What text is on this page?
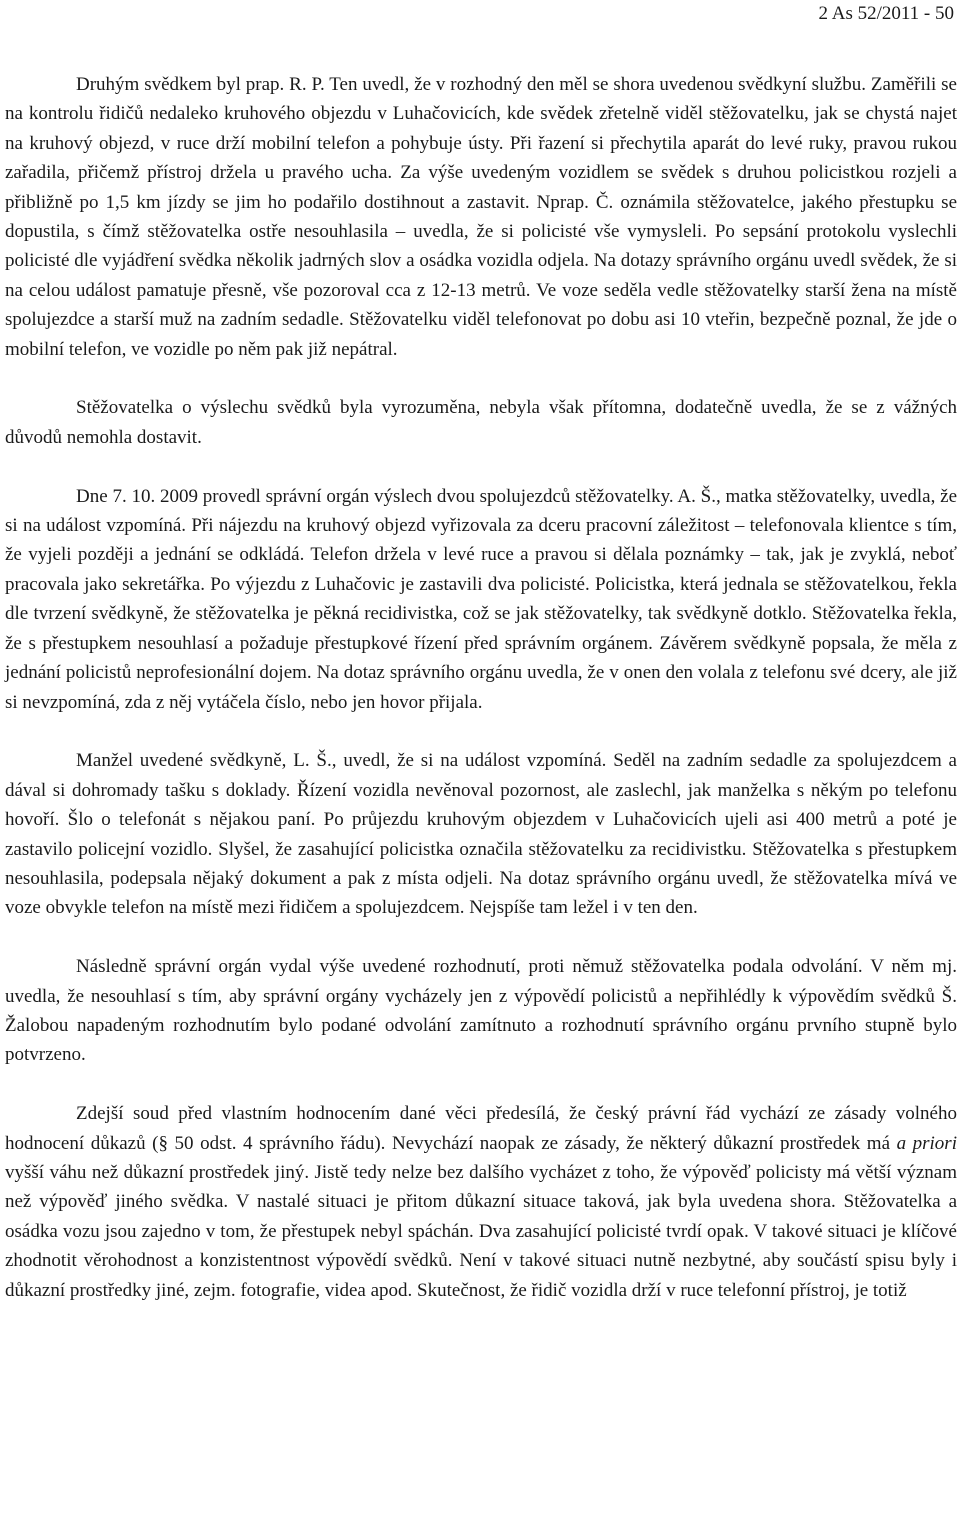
2 As 52/2011 - 50

Druhým svědkem byl prap. R. P. Ten uvedl, že v rozhodný den měl se shora uvedenou svědkyní službu. Zaměřili se na kontrolu řidičů nedaleko kruhového objezdu v Luhačovicích, kde svědek zřetelně viděl stěžovatelku, jak se chystá najet na kruhový objezd, v ruce drží mobilní telefon a pohybuje ústy. Při řazení si přechytila aparát do levé ruky, pravou rukou zařadila, přičemž přístroj držela u pravého ucha. Za výše uvedeným vozidlem se svědek s druhou policistkou rozjeli a přibližně po 1,5 km jízdy se jim ho podařilo dostihnout a zastavit. Nprap. Č. oznámila stěžovatelce, jakého přestupku se dopustila, s čímž stěžovatelka ostře nesouhlasila – uvedla, že si policisté vše vymysleli. Po sepsání protokolu vyslechli policisté dle vyjádření svědka několik jadrných slov a osádka vozidla odjela. Na dotazy správního orgánu uvedl svědek, že si na celou událost pamatuje přesně, vše pozoroval cca z 12-13 metrů. Ve voze seděla vedle stěžovatelky starší žena na místě spolujezdce a starší muž na zadním sedadle. Stěžovatelku viděl telefonovat po dobu asi 10 vteřin, bezpečně poznal, že jde o mobilní telefon, ve vozidle po něm pak již nepátral.

Stěžovatelka o výslechu svědků byla vyrozuměna, nebyla však přítomna, dodatečně uvedla, že se z vážných důvodů nemohla dostavit.

Dne 7. 10. 2009 provedl správní orgán výslech dvou spolujezdců stěžovatelky. A. Š., matka stěžovatelky, uvedla, že si na událost vzpomíná. Při nájezdu na kruhový objezd vyřizovala za dceru pracovní záležitost – telefonovala klientce s tím, že vyjeli později a jednání se odkládá. Telefon držela v levé ruce a pravou si dělala poznámky – tak, jak je zvyklá, neboť pracovala jako sekretářka. Po výjezdu z Luhačovic je zastavili dva policisté. Policistka, která jednala se stěžovatelkou, řekla dle tvrzení svědkyně, že stěžovatelka je pěkná recidivistka, což se jak stěžovatelky, tak svědkyně dotklo. Stěžovatelka řekla, že s přestupkem nesouhlasí a požaduje přestupkové řízení před správním orgánem. Závěrem svědkyně popsala, že měla z jednání policistů neprofesionální dojem. Na dotaz správního orgánu uvedla, že v onen den volala z telefonu své dcery, ale již si nevzpomíná, zda z něj vytáčela číslo, nebo jen hovor přijala.

Manžel uvedené svědkyně, L. Š., uvedl, že si na událost vzpomíná. Seděl na zadním sedadle za spolujezdcem a dával si dohromady tašku s doklady. Řízení vozidla nevěnoval pozornost, ale zaslechl, jak manželka s někým po telefonu hovoří. Šlo o telefonát s nějakou paní. Po průjezdu kruhovým objezdem v Luhačovicích ujeli asi 400 metrů a poté je zastavilo policejní vozidlo. Slyšel, že zasahující policistka označila stěžovatelku za recidivistku. Stěžovatelka s přestupkem nesouhlasila, podepsala nějaký dokument a pak z místa odjeli. Na dotaz správního orgánu uvedl, že stěžovatelka mívá ve voze obvykle telefon na místě mezi řidičem a spolujezdcem. Nejspíše tam ležel i v ten den.

Následně správní orgán vydal výše uvedené rozhodnutí, proti němuž stěžovatelka podala odvolání. V něm mj. uvedla, že nesouhlasí s tím, aby správní orgány vycházely jen z výpovědí policistů a nepřihlédly k výpovědím svědků Š. Žalobou napadeným rozhodnutím bylo podané odvolání zamítnuto a rozhodnutí správního orgánu prvního stupně bylo potvrzeno.

Zdejší soud před vlastním hodnocením dané věci předesílá, že český právní řád vychází ze zásady volného hodnocení důkazů (§ 50 odst. 4 správního řádu). Nevychází naopak ze zásady, že některý důkazní prostředek má a priori vyšší váhu než důkazní prostředek jiný. Jistě tedy nelze bez dalšího vycházet z toho, že výpověď policisty má větší význam než výpověď jiného svědka. V nastalé situaci je přitom důkazní situace taková, jak byla uvedena shora. Stěžovatelka a osádka vozu jsou zajedno v tom, že přestupek nebyl spáchán. Dva zasahující policisté tvrdí opak. V takové situaci je klíčové zhodnotit věrohodnost a konzistentnost výpovědí svědků. Není v takové situaci nutně nezbytné, aby součástí spisu byly i důkazní prostředky jiné, zejm. fotografie, videa apod. Skutečnost, že řidič vozidla drží v ruce telefonní přístroj, je totiž
